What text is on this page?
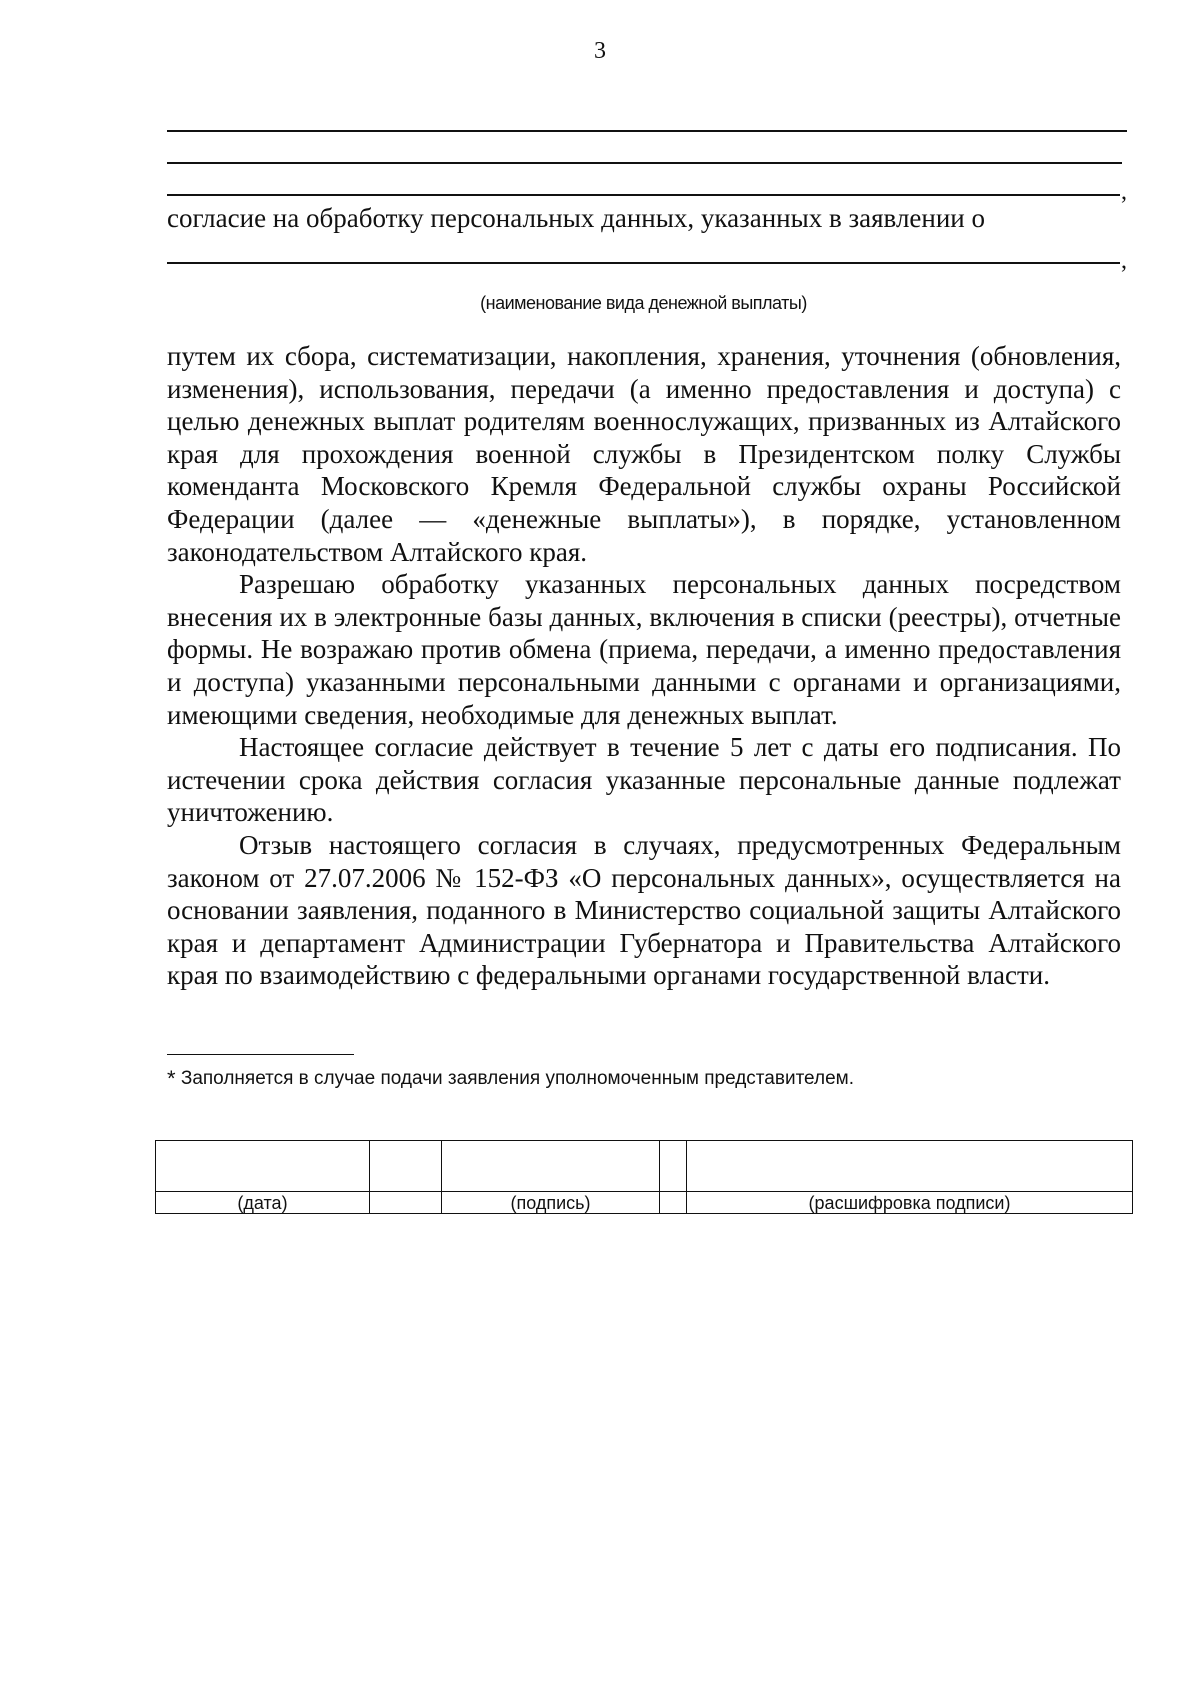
3
,
согласие на обработку персональных данных, указанных в заявлении о
,
(наименование вида денежной выплаты)

путем их сбора, систематизации, накопления, хранения, уточнения (обновления, изменения), использования, передачи (а именно предоставления и доступа) с целью денежных выплат родителям военнослужащих, призванных из Алтайского края для прохождения военной службы в Президентском полку Службы коменданта Московского Кремля Федеральной службы охраны Российской Федерации (далее — «денежные выплаты»), в порядке, установленном законодательством Алтайского края.

Разрешаю обработку указанных персональных данных посредством внесения их в электронные базы данных, включения в списки (реестры), отчетные формы. Не возражаю против обмена (приема, передачи, а именно предоставления и доступа) указанными персональными данными с органами и организациями, имеющими сведения, необходимые для денежных выплат.

Настоящее согласие действует в течение 5 лет с даты его подписания. По истечении срока действия согласия указанные персональные данные подлежат уничтожению.

Отзыв настоящего согласия в случаях, предусмотренных Федеральным законом от 27.07.2006 № 152-ФЗ «О персональных данных», осуществляется на основании заявления, поданного в Министерство социальной защиты Алтайского края и департамент Администрации Губернатора и Правительства Алтайского края по взаимодействию с федеральными органами государственной власти.

* Заполняется в случае подачи заявления уполномоченным представителем.

(дата)		(подпись)		(расшифровка подписи)
